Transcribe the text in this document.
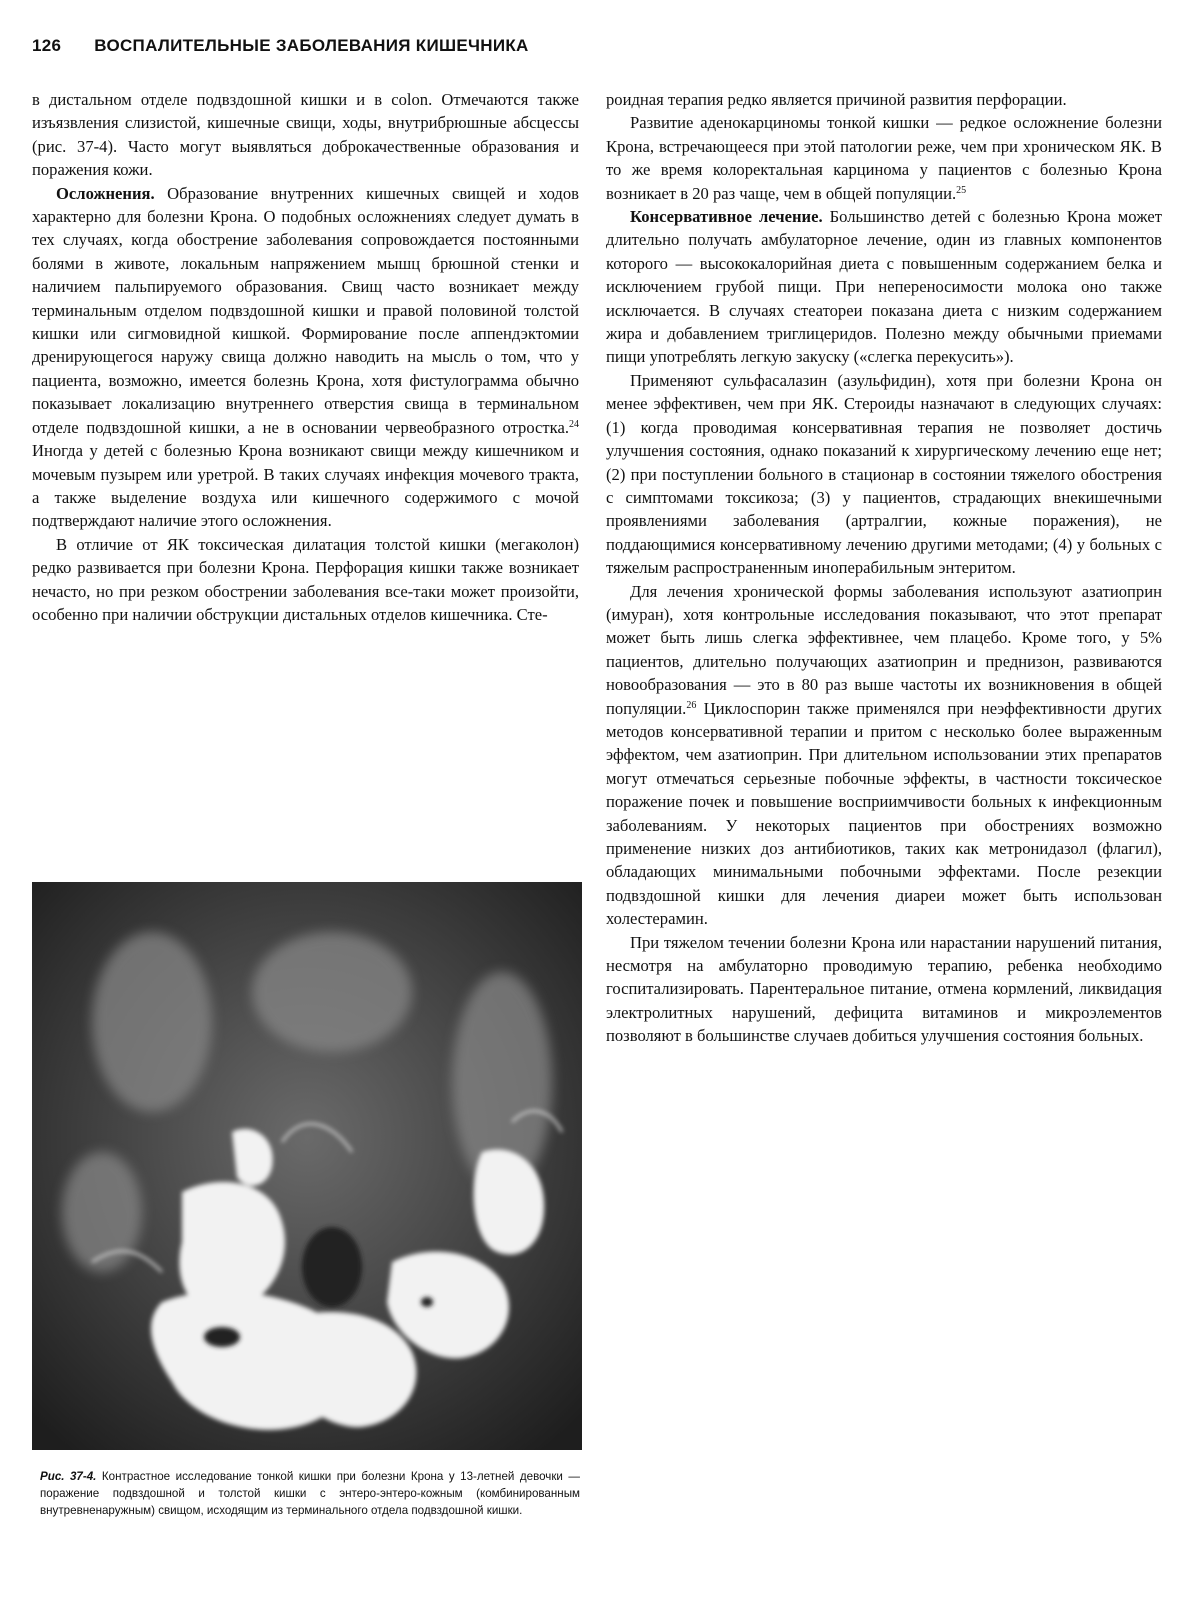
126 ВОСПАЛИТЕЛЬНЫЕ ЗАБОЛЕВАНИЯ КИШЕЧНИКА

в дистальном отделе подвздошной кишки и в colon. Отмечаются также изъязвления слизистой, кишечные свищи, ходы, внутрибрюшные абсцессы (рис. 37-4). Часто могут выявляться доброкачественные образования и поражения кожи.

Осложнения. Образование внутренних кишечных свищей и ходов характерно для болезни Крона. О подобных осложнениях следует думать в тех случаях, когда обострение заболевания сопровождается постоянными болями в животе, локальным напряжением мышц брюшной стенки и наличием пальпируемого образования. Свищ часто возникает между терминальным отделом подвздошной кишки и правой половиной толстой кишки или сигмовидной кишкой. Формирование после аппендэктомии дренирующегося наружу свища должно наводить на мысль о том, что у пациента, возможно, имеется болезнь Крона, хотя фистулограмма обычно показывает локализацию внутреннего отверстия свища в терминальном отделе подвздошной кишки, а не в основании червеобразного отростка.$^{24}$ Иногда у детей с болезнью Крона возникают свищи между кишечником и мочевым пузырем или уретрой. В таких случаях инфекция мочевого тракта, а также выделение воздуха или кишечного содержимого с мочой подтверждают наличие этого осложнения.

В отличие от ЯК токсическая дилатация толстой кишки (мегаколон) редко развивается при болезни Крона. Перфорация кишки также возникает нечасто, но при резком обострении заболевания все-таки может произойти, особенно при наличии обструкции дистальных отделов кишечника. Сте-

Рис. 37-4. Контрастное исследование тонкой кишки при болезни Крона у 13-летней девочки — поражение подвздошной и толстой кишки с энтеро-энтеро-кожным (комбинированным внутревненаружным) свищом, исходящим из терминального отдела подвздошной кишки.

роидная терапия редко является причиной развития перфорации.

Развитие аденокарциномы тонкой кишки — редкое осложнение болезни Крона, встречающееся при этой патологии реже, чем при хроническом ЯК. В то же время колоректальная карцинома у пациентов с болезнью Крона возникает в 20 раз чаще, чем в общей популяции.$^{25}$

Консервативное лечение. Большинство детей с болезнью Крона может длительно получать амбулаторное лечение, один из главных компонентов которого — высококалорийная диета с повышенным содержанием белка и исключением грубой пищи. При непереносимости молока оно также исключается. В случаях стеатореи показана диета с низким содержанием жира и добавлением триглицеридов. Полезно между обычными приемами пищи употреблять легкую закуску («слегка перекусить»).

Применяют сульфасалазин (азульфидин), хотя при болезни Крона он менее эффективен, чем при ЯК. Стероиды назначают в следующих случаях: (1) когда проводимая консервативная терапия не позволяет достичь улучшения состояния, однако показаний к хирургическому лечению еще нет; (2) при поступлении больного в стационар в состоянии тяжелого обострения с симптомами токсикоза; (3) у пациентов, страдающих внекишечными проявлениями заболевания (артралгии, кожные поражения), не поддающимися консервативному лечению другими методами; (4) у больных с тяжелым распространенным иноперабильным энтеритом.

Для лечения хронической формы заболевания используют азатиоприн (имуран), хотя контрольные исследования показывают, что этот препарат может быть лишь слегка эффективнее, чем плацебо. Кроме того, у 5% пациентов, длительно получающих азатиоприн и преднизон, развиваются новообразования — это в 80 раз выше частоты их возникновения в общей популяции.$^{26}$ Циклоспорин также применялся при неэффективности других методов консервативной терапии и притом с несколько более выраженным эффектом, чем азатиоприн. При длительном использовании этих препаратов могут отмечаться серьезные побочные эффекты, в частности токсическое поражение почек и повышение восприимчивости больных к инфекционным заболеваниям. У некоторых пациентов при обострениях возможно применение низких доз антибиотиков, таких как метронидазол (флагил), обладающих минимальными побочными эффектами. После резекции подвздошной кишки для лечения диареи может быть использован холестерамин.

При тяжелом течении болезни Крона или нарастании нарушений питания, несмотря на амбулаторно проводимую терапию, ребенка необходимо госпитализировать. Парентеральное питание, отмена кормлений, ликвидация электролитных нарушений, дефицита витаминов и микроэлементов позволяют в большинстве случаев добиться улучшения состояния больных.
